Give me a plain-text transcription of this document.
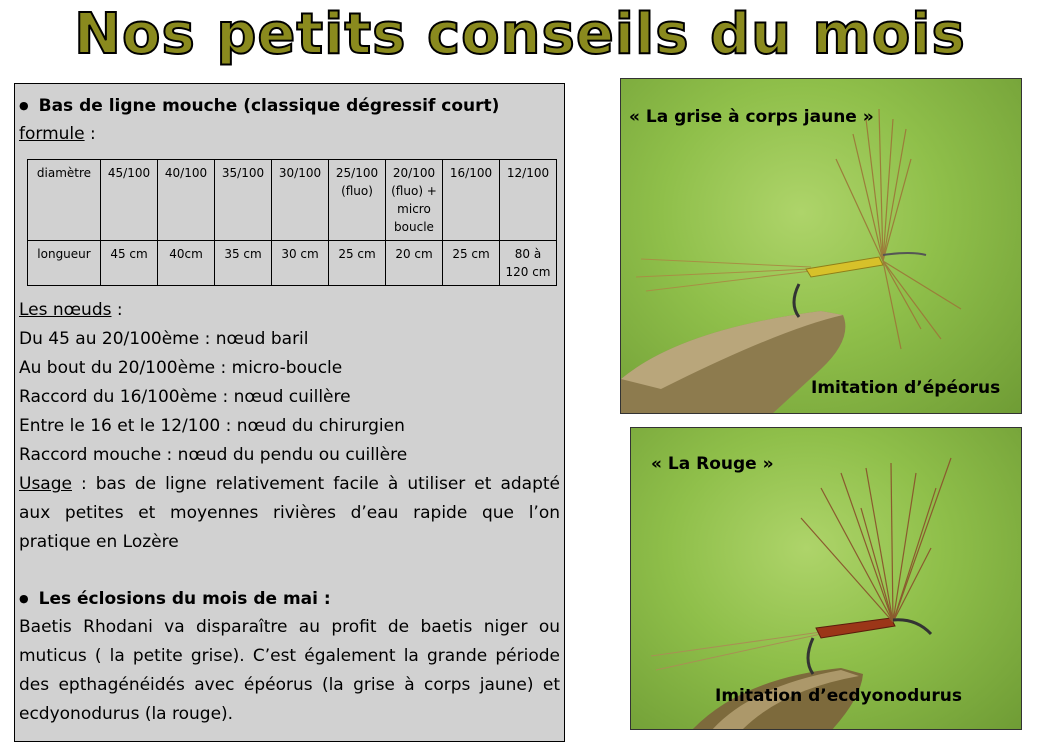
Nos petits conseils du mois
● Bas de ligne mouche (classique dégressif court)
formule :
diamètre	45/100	40/100	35/100	30/100	25/100 (fluo)	20/100 (fluo) + micro boucle	16/100	12/100
longueur	45 cm	40cm	35 cm	30 cm	25 cm	20 cm	25 cm	80 à 120 cm
Les nœuds :
Du 45 au 20/100ème : nœud baril
Au bout du 20/100ème : micro-boucle
Raccord du 16/100ème : nœud cuillère
Entre le 16 et le 12/100 : nœud du chirurgien
Raccord mouche : nœud du pendu ou cuillère
Usage : bas de ligne relativement facile à utiliser et adapté aux petites et moyennes rivières d’eau rapide que l’on pratique en Lozère
● Les éclosions du mois de mai :
Baetis Rhodani va disparaître au profit de baetis niger ou muticus ( la petite grise). C’est également la grande période des epthagénéidés avec épéorus (la grise à corps jaune) et ecdyonodurus (la rouge).
« La grise à corps jaune »
Imitation d’épéorus
« La Rouge »
Imitation d’ecdyonodurus
